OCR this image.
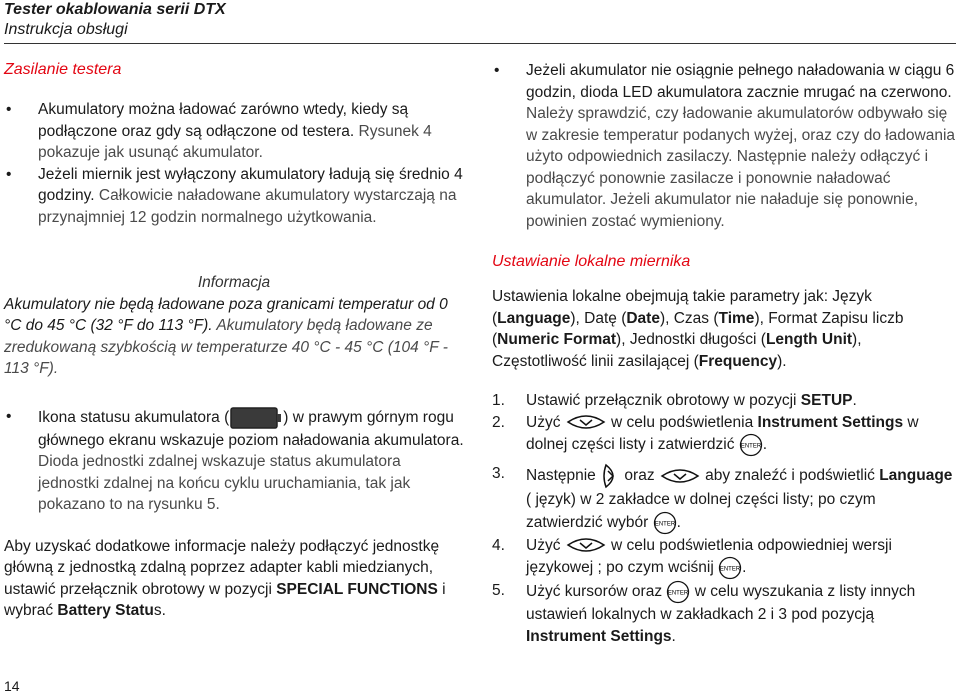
Tester okablowania serii DTX
Instrukcja obsługi
Zasilanie testera
• Akumulatory można ładować zarówno wtedy, kiedy są podłączone oraz gdy są odłączone od testera. Rysunek 4 pokazuje jak usunąć akumulator.
• Jeżeli miernik jest wyłączony akumulatory ładują się średnio 4 godziny. Całkowicie naładowane akumulatory wystarczają na przynajmniej 12 godzin normalnego użytkowania.
Informacja
Akumulatory nie będą ładowane poza granicami temperatur od 0 °C do 45 °C (32 °F do 113 °F). Akumulatory będą ładowane ze zredukowaną szybkością w temperaturze 40 °C - 45 °C (104 °F - 113 °F).
• Ikona statusu akumulatora (	) w prawym górnym rogu głównego ekranu wskazuje poziom naładowania akumulatora. Dioda jednostki zdalnej wskazuje status akumulatora jednostki zdalnej na końcu cyklu uruchamiania, tak jak pokazano to na rysunku 5.
Aby uzyskać dodatkowe informacje należy podłączyć jednostkę główną z jednostką zdalną poprzez adapter kabli miedzianych, ustawić przełącznik obrotowy w pozycji SPECIAL FUNCTIONS i wybrać Battery Status.
• Jeżeli akumulator nie osiągnie pełnego naładowania w ciągu 6 godzin, dioda LED akumulatora zacznie mrugać na czerwono. Należy sprawdzić, czy ładowanie akumulatorów odbywało się w zakresie temperatur podanych wyżej, oraz czy do ładowania użyto odpowiednich zasilaczy. Następnie należy odłączyć i podłączyć ponownie zasilacze i ponownie naładować akumulator. Jeżeli akumulator nie naładuje się ponownie, powinien zostać wymieniony.
Ustawianie lokalne miernika
Ustawienia lokalne obejmują takie parametry jak: Język (Language), Datę (Date), Czas (Time), Format Zapisu liczb (Numeric Format), Jednostki długości (Length Unit), Częstotliwość linii zasilającej (Frequency).
1. Ustawić przełącznik obrotowy w pozycji SETUP.
2. Użyć	w celu podświetlenia Instrument Settings w dolnej części listy i zatwierdzić ENTER .
3. Następnie  oraz	aby znaleźć i podświetlić Language ( język) w 2 zakładce w dolnej części listy; po czym zatwierdzić wybór ENTER .
4. Użyć	w celu podświetlenia odpowiedniej wersji językowej ; po czym wciśnij ENTER .
5. Użyć kursorów oraz ENTER w celu wyszukania z listy innych ustawień lokalnych w zakładkach 2 i 3 pod pozycją Instrument Settings.
14
